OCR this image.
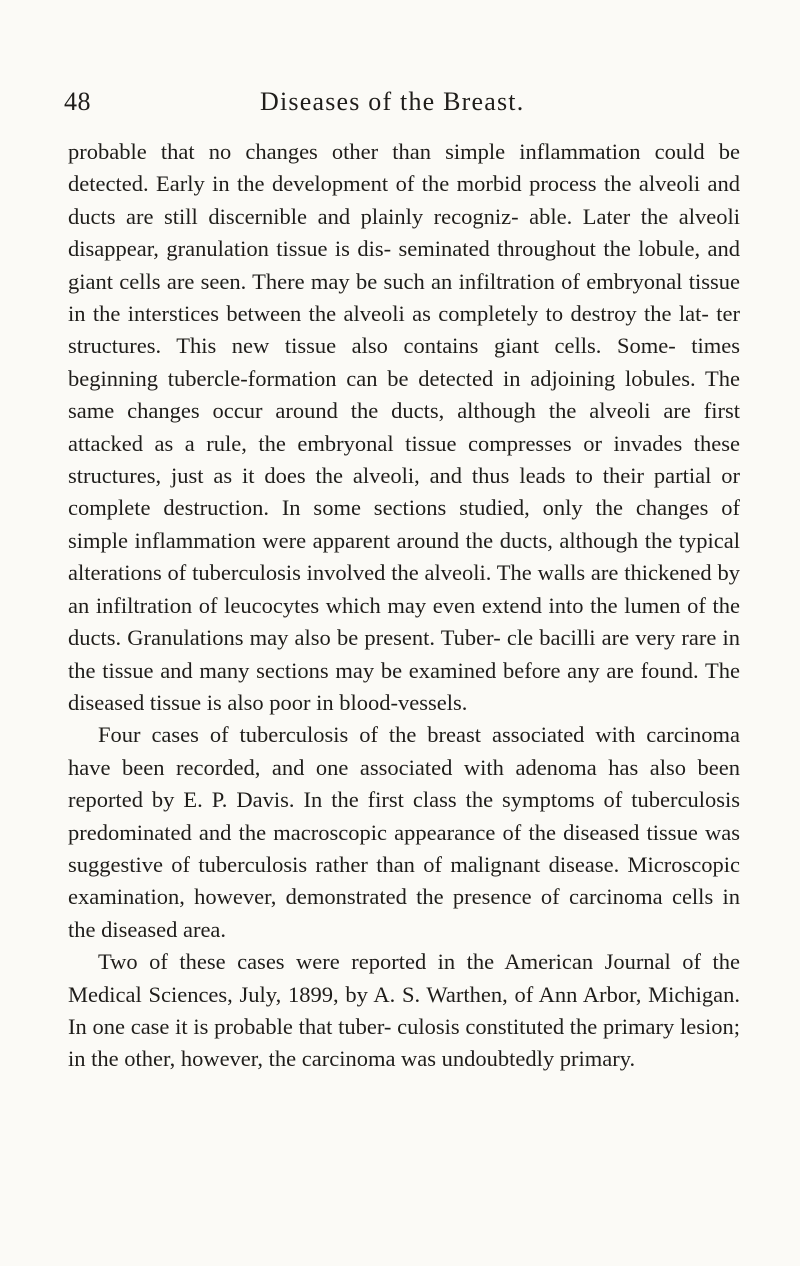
48	Diseases of the Breast.

probable that no changes other than simple inflammation could be detected. Early in the development of the morbid process the alveoli and ducts are still discernible and plainly recogniz- able. Later the alveoli disappear, granulation tissue is dis- seminated throughout the lobule, and giant cells are seen. There may be such an infiltration of embryonal tissue in the interstices between the alveoli as completely to destroy the lat- ter structures. This new tissue also contains giant cells. Some- times beginning tubercle-formation can be detected in adjoining lobules. The same changes occur around the ducts, although the alveoli are first attacked as a rule, the embryonal tissue compresses or invades these structures, just as it does the alveoli, and thus leads to their partial or complete destruction. In some sections studied, only the changes of simple inflammation were apparent around the ducts, although the typical alterations of tuberculosis involved the alveoli. The walls are thickened by an infiltration of leucocytes which may even extend into the lumen of the ducts. Granulations may also be present. Tuber- cle bacilli are very rare in the tissue and many sections may be examined before any are found. The diseased tissue is also poor in blood-vessels.

Four cases of tuberculosis of the breast associated with carcinoma have been recorded, and one associated with adenoma has also been reported by E. P. Davis. In the first class the symptoms of tuberculosis predominated and the macroscopic appearance of the diseased tissue was suggestive of tuberculosis rather than of malignant disease. Microscopic examination, however, demonstrated the presence of carcinoma cells in the diseased area.

Two of these cases were reported in the American Journal of the Medical Sciences, July, 1899, by A. S. Warthen, of Ann Arbor, Michigan. In one case it is probable that tuber- culosis constituted the primary lesion; in the other, however, the carcinoma was undoubtedly primary.
